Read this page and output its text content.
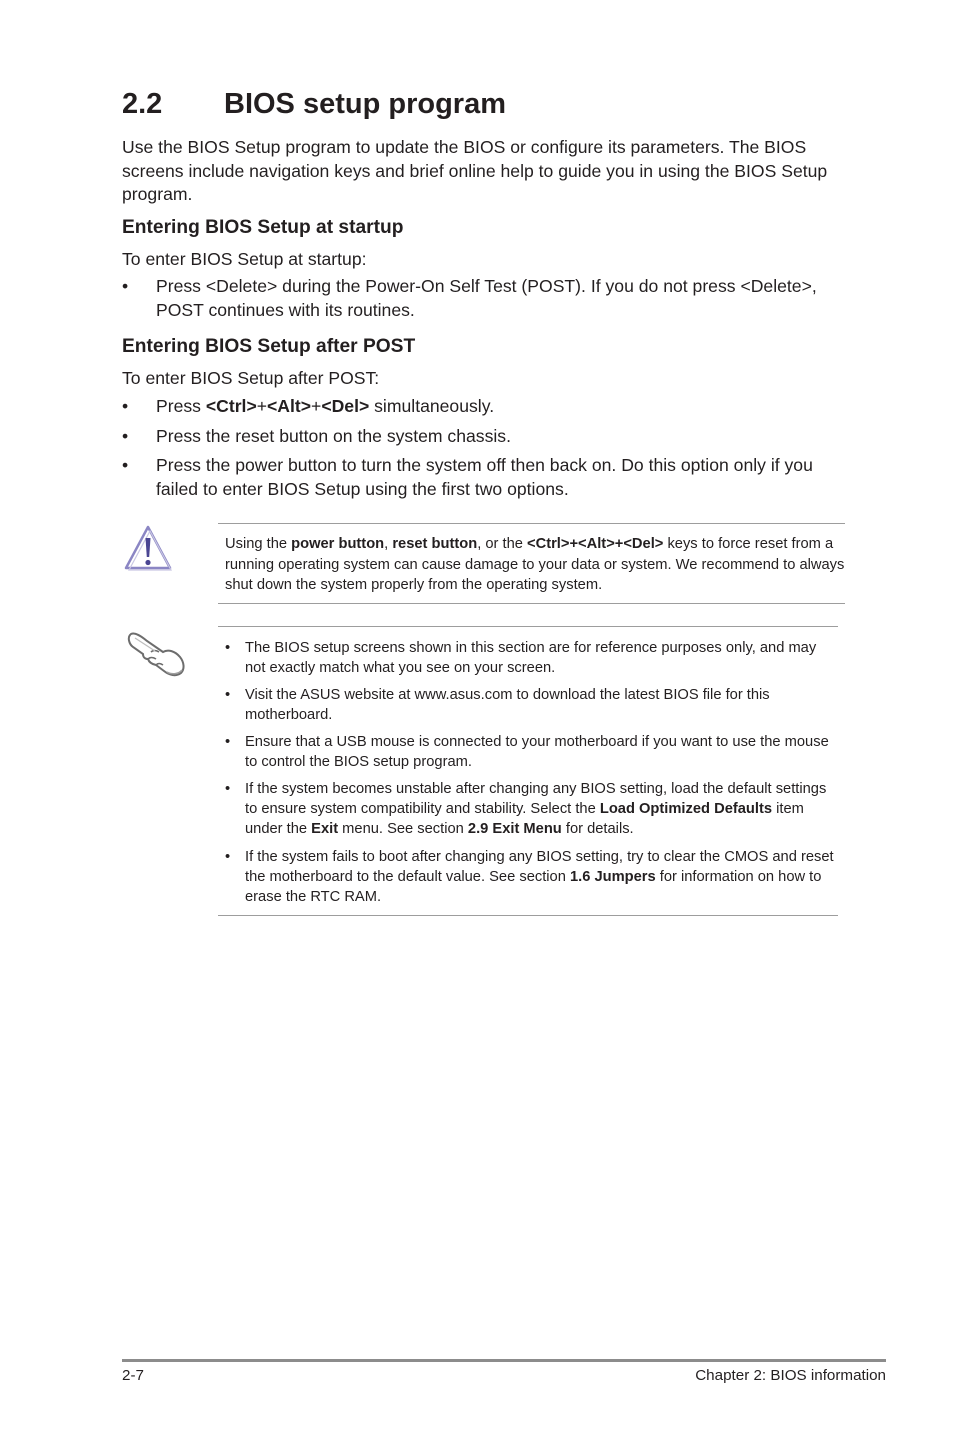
2.2 BIOS setup program

Use the BIOS Setup program to update the BIOS or configure its parameters. The BIOS screens include navigation keys and brief online help to guide you in using the BIOS Setup program.

Entering BIOS Setup at startup

To enter BIOS Setup at startup:

• Press <Delete> during the Power-On Self Test (POST). If you do not press <Delete>, POST continues with its routines.
Entering BIOS Setup after POST

To enter BIOS Setup after POST:

• Press <Ctrl>+<Alt>+<Del> simultaneously.
• Press the reset button on the system chassis.
• Press the power button to turn the system off then back on. Do this option only if you failed to enter BIOS Setup using the first two options.

Using the power button, reset button, or the <Ctrl>+<Alt>+<Del> keys to force reset from a running operating system can cause damage to your data or system. We recommend to always shut down the system properly from the operating system.

• The BIOS setup screens shown in this section are for reference purposes only, and may not exactly match what you see on your screen.
• Visit the ASUS website at www.asus.com to download the latest BIOS file for this motherboard.
• Ensure that a USB mouse is connected to your motherboard if you want to use the mouse to control the BIOS setup program.
• If the system becomes unstable after changing any BIOS setting, load the default settings to ensure system compatibility and stability. Select the Load Optimized Defaults item under the Exit menu. See section 2.9 Exit Menu for details.
• If the system fails to boot after changing any BIOS setting, try to clear the CMOS and reset the motherboard to the default value. See section 1.6 Jumpers for information on how to erase the RTC RAM.
2-7	Chapter 2: BIOS information
